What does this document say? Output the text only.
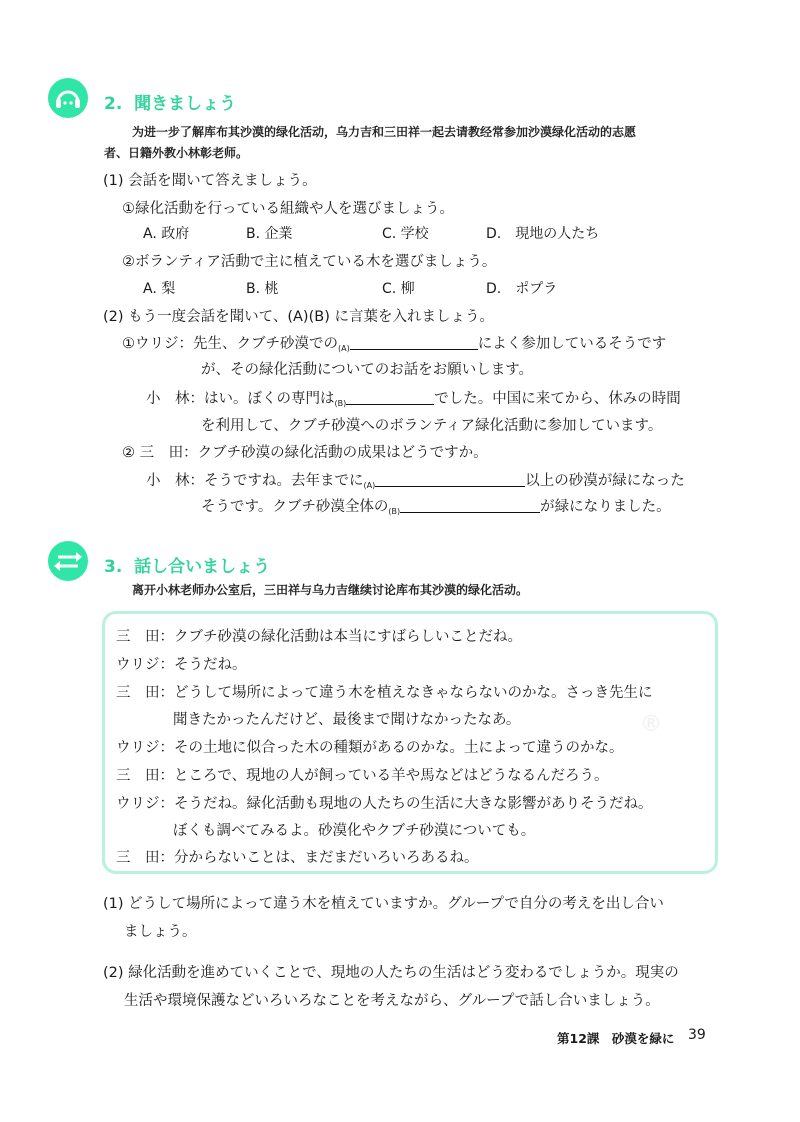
2. 聞きましょう
为进一步了解库布其沙漠的绿化活动，乌力吉和三田祥一起去请教经常参加沙漠绿化活动的志愿
者、日籍外教小林彰老师。
(1) 会話を聞いて答えましょう。
①緑化活動を行っている組織や人を選びましょう。
A. 政府	B. 企業	C. 学校	D.　現地の人たち
②ボランティア活動で主に植えている木を選びましょう。
A. 梨	B. 桃	C. 柳	D.　ポプラ
(2) もう一度会話を聞いて、(A)(B) に言葉を入れましょう。
①ウリジ：先生、クブチ砂漠での$_{(A)}$	によく参加しているそうです
が、その緑化活動についてのお話をお願いします。
小　林：はい。ぼくの専門は$_{(B)}$	でした。中国に来てから、休みの時間
を利用して、クブチ砂漠へのボランティア緑化活動に参加しています。
② 三　田：クブチ砂漠の緑化活動の成果はどうですか。
小　林：そうですね。去年までに$_{(A)}$	以上の砂漠が緑になった
そうです。クブチ砂漠全体の$_{(B)}$	が緑になりました。
3. 話し合いましょう
离开小林老师办公室后，三田祥与乌力吉继续讨论库布其沙漠的绿化活动。
®
三　田：クブチ砂漠の緑化活動は本当にすばらしいことだね。
ウリジ：そうだね。
三　田：どうして場所によって違う木を植えなきゃならないのかな。さっき先生に
聞きたかったんだけど、最後まで聞けなかったなあ。
ウリジ：その土地に似合った木の種類があるのかな。土によって違うのかな。
三　田：ところで、現地の人が飼っている羊や馬などはどうなるんだろう。
ウリジ：そうだね。緑化活動も現地の人たちの生活に大きな影響がありそうだね。
ぼくも調べてみるよ。砂漠化やクブチ砂漠についても。
三　田：分からないことは、まだまだいろいろあるね。
(1) どうして場所によって違う木を植えていますか。グループで自分の考えを出し合い
ましょう。
(2) 緑化活動を進めていくことで、現地の人たちの生活はどう変わるでしょうか。現実の
生活や環境保護などいろいろなことを考えながら、グループで話し合いましょう。
第12課　砂漠を緑に 39
